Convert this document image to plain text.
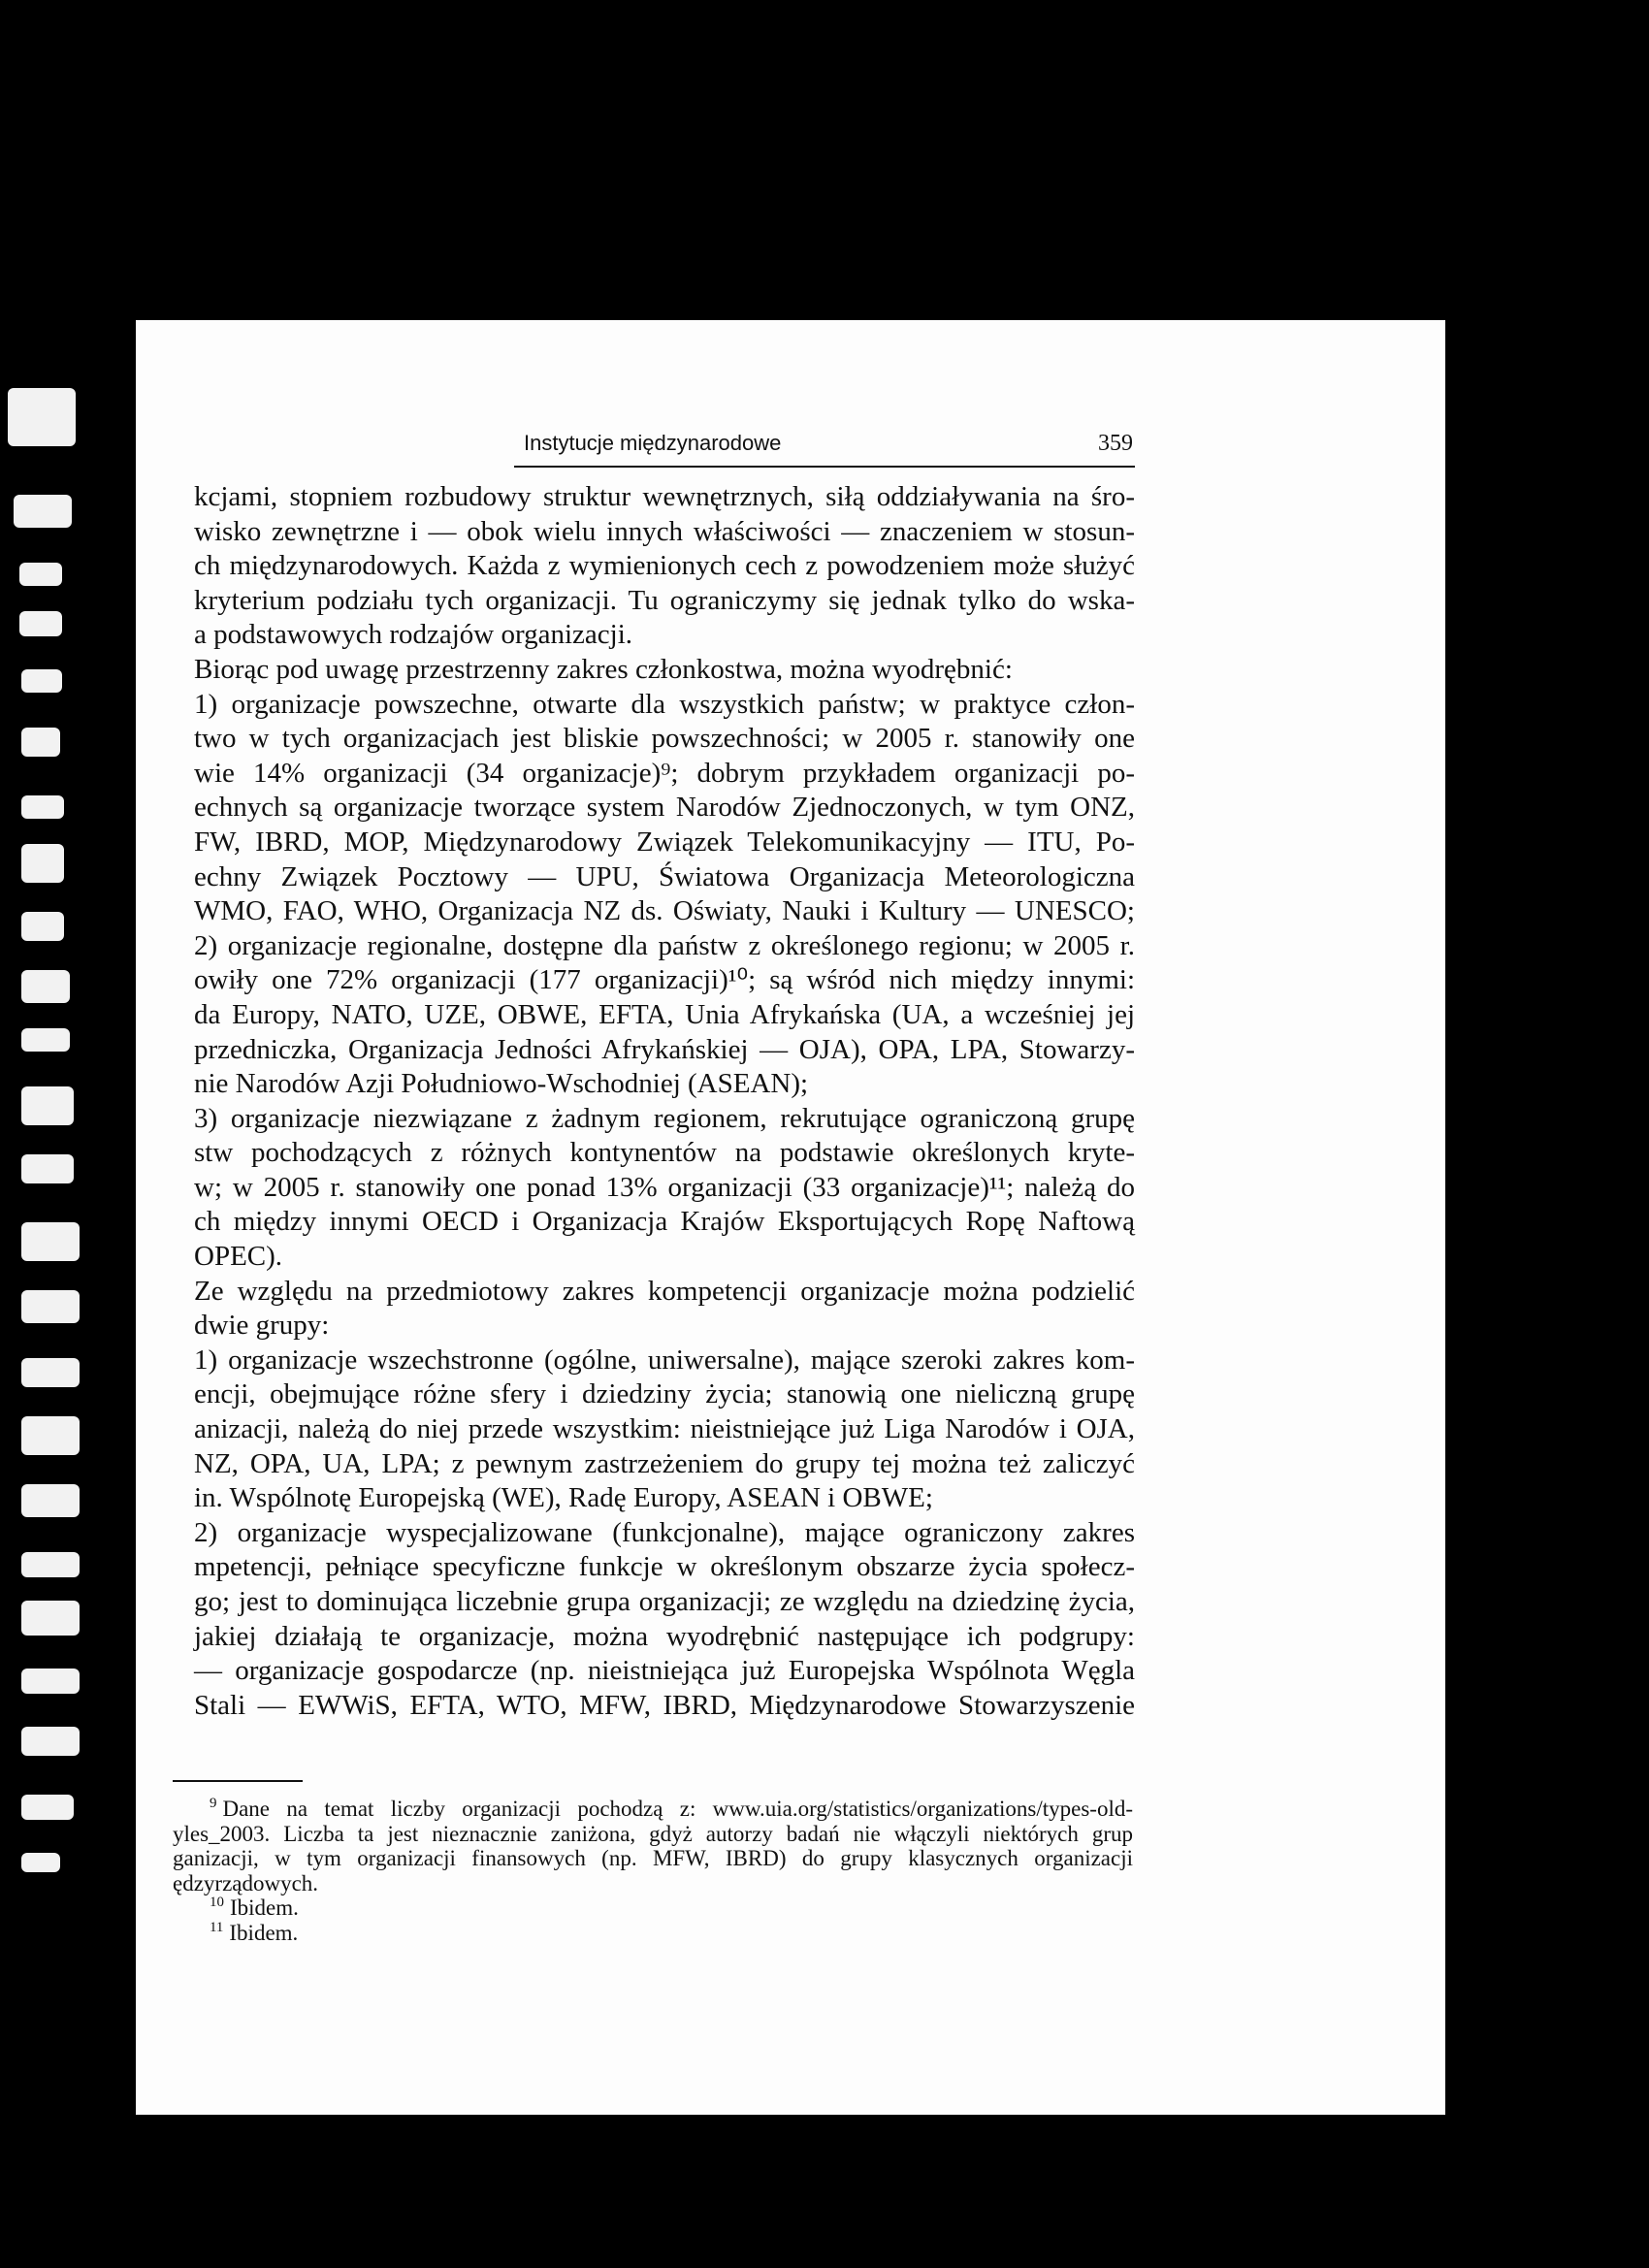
Instytucje międzynarodowe	359
kcjami, stopniem rozbudowy struktur wewnętrznych, siłą oddziaływania na śro-
wisko zewnętrzne i — obok wielu innych właściwości — znaczeniem w stosun-
ch międzynarodowych. Każda z wymienionych cech z powodzeniem może służyć
kryterium podziału tych organizacji. Tu ograniczymy się jednak tylko do wska-
a podstawowych rodzajów organizacji.
Biorąc pod uwagę przestrzenny zakres członkostwa, można wyodrębnić:
1) organizacje powszechne, otwarte dla wszystkich państw; w praktyce człon-
two w tych organizacjach jest bliskie powszechności; w 2005 r. stanowiły one
wie 14% organizacji (34 organizacje)⁹; dobrym przykładem organizacji po-
echnych są organizacje tworzące system Narodów Zjednoczonych, w tym ONZ,
FW, IBRD, MOP, Międzynarodowy Związek Telekomunikacyjny — ITU, Po-
echny Związek Pocztowy — UPU, Światowa Organizacja Meteorologiczna
WMO, FAO, WHO, Organizacja NZ ds. Oświaty, Nauki i Kultury — UNESCO;
2) organizacje regionalne, dostępne dla państw z określonego regionu; w 2005 r.
owiły one 72% organizacji (177 organizacji)¹⁰; są wśród nich między innymi:
da Europy, NATO, UZE, OBWE, EFTA, Unia Afrykańska (UA, a wcześniej jej
przedniczka, Organizacja Jedności Afrykańskiej — OJA), OPA, LPA, Stowarzy-
nie Narodów Azji Południowo-Wschodniej (ASEAN);
3) organizacje niezwiązane z żadnym regionem, rekrutujące ograniczoną grupę
stw pochodzących z różnych kontynentów na podstawie określonych kryte-
w; w 2005 r. stanowiły one ponad 13% organizacji (33 organizacje)¹¹; należą do
ch między innymi OECD i Organizacja Krajów Eksportujących Ropę Naftową
OPEC).
Ze względu na przedmiotowy zakres kompetencji organizacje można podzielić
dwie grupy:
1) organizacje wszechstronne (ogólne, uniwersalne), mające szeroki zakres kom-
encji, obejmujące różne sfery i dziedziny życia; stanowią one nieliczną grupę
anizacji, należą do niej przede wszystkim: nieistniejące już Liga Narodów i OJA,
NZ, OPA, UA, LPA; z pewnym zastrzeżeniem do grupy tej można też zaliczyć
in. Wspólnotę Europejską (WE), Radę Europy, ASEAN i OBWE;
2) organizacje wyspecjalizowane (funkcjonalne), mające ograniczony zakres
mpetencji, pełniące specyficzne funkcje w określonym obszarze życia społecz-
go; jest to dominująca liczebnie grupa organizacji; ze względu na dziedzinę życia,
jakiej działają te organizacje, można wyodrębnić następujące ich podgrupy:
— organizacje gospodarcze (np. nieistniejąca już Europejska Wspólnota Węgla
Stali — EWWiS, EFTA, WTO, MFW, IBRD, Międzynarodowe Stowarzyszenie
$^9$ Dane na temat liczby organizacji pochodzą z: www.uia.org/statistics/organizations/types-old-
yles_2003. Liczba ta jest nieznacznie zaniżona, gdyż autorzy badań nie włączyli niektórych grup
ganizacji, w tym organizacji finansowych (np. MFW, IBRD) do grupy klasycznych organizacji
ędzyrządowych.
$^{10}$ Ibidem.
$^{11}$ Ibidem.
